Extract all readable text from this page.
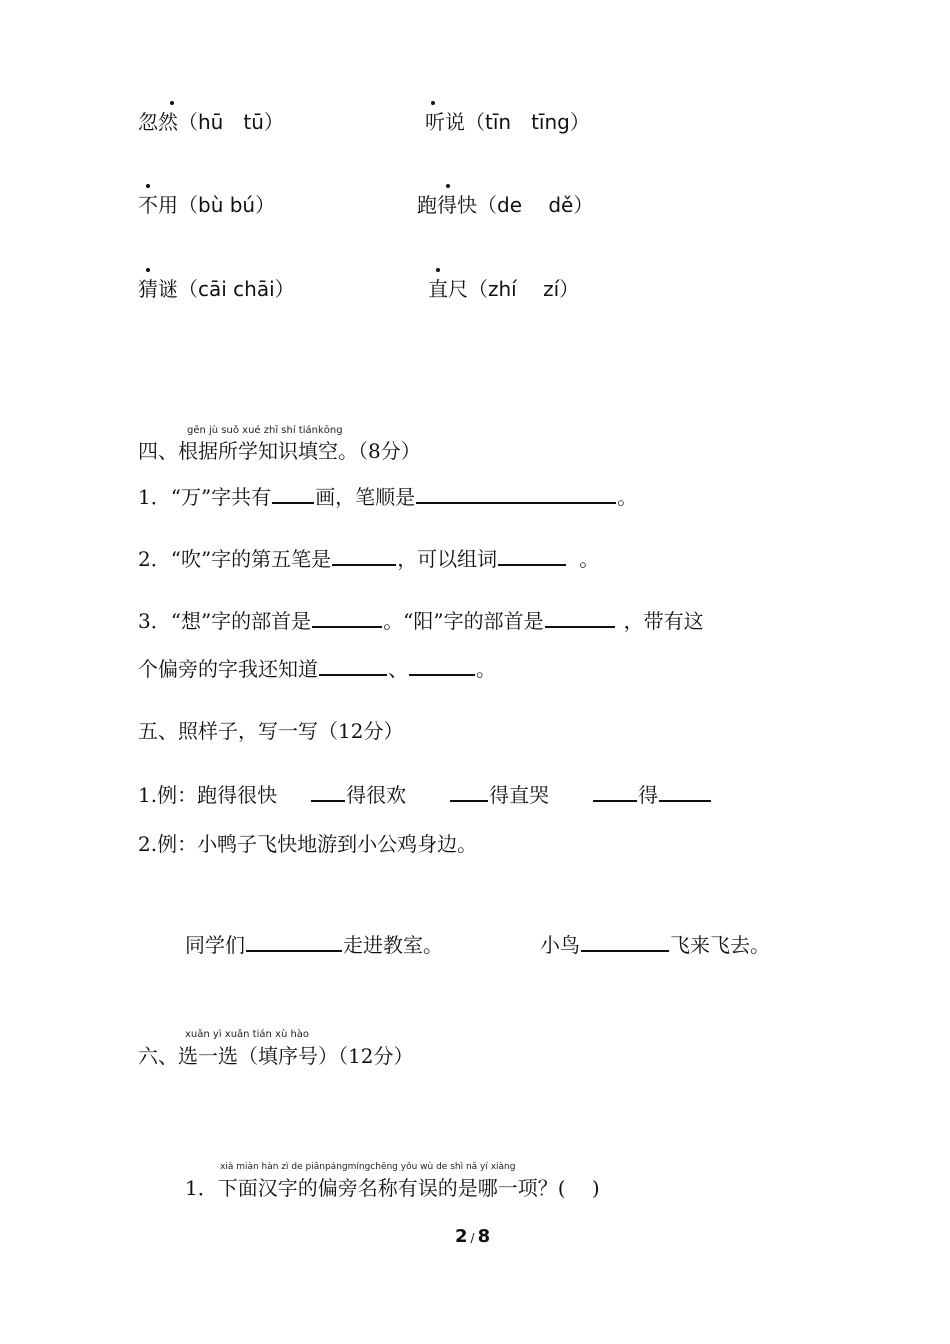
忽然（hū　tū）	听说（tīn　tīng）
不用（bù bú）	跑得快（de　 dě）
猜谜（cāi chāi）	直尺（zhí　 zí）
gēn jù suǒ xué zhī shí tiánkōng
四、根据所学知识填空。（8分）
1．“万”字共有 画，笔顺是	。
2．“吹”字的第五笔是	，可以组词	。
3．“想”字的部首是	。“阳”字的部首是	，带有这
个偏旁的字我还知道	、	。
五、照样子，写一写（12分）
1.例：跑得很快	得很欢	得直哭	得
2.例：小鸭子飞快地游到小公鸡身边。
同学们	走进教室。	小鸟	飞来飞去。
xuǎn yì xuǎn tián xù hào
六、选一选（填序号）（12分）
xià miàn hàn zì de piānpángmíngchēng yǒu wù de shì nǎ yí xiàng
1．下面汉字的偏旁名称有误的是哪一项？(　 )
2 / 8
